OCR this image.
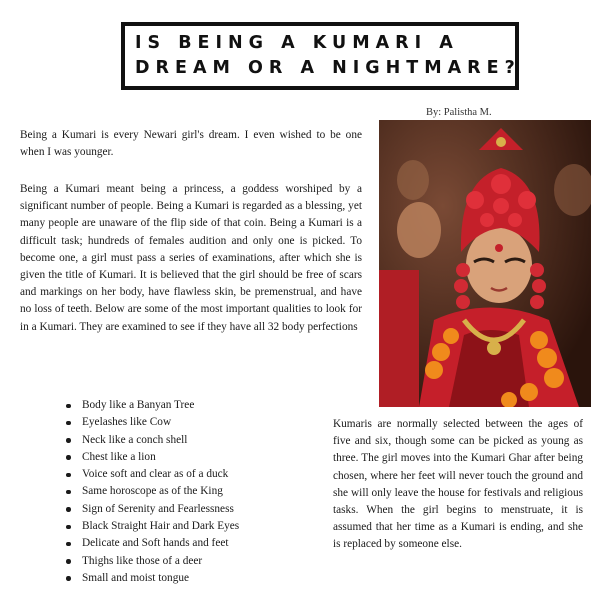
IS BEING A KUMARI A
DREAM OR A NIGHTMARE?
By: Palistha M.

Being a Kumari is every Newari girl's dream. I even wished to be one when I was younger.

Being a Kumari meant being a princess, a goddess worshiped by a significant number of people. Being a Kumari is regarded as a blessing, yet many people are unaware of the flip side of that coin. Being a Kumari is a difficult task; hundreds of females audition and only one is picked. To become one, a girl must pass a series of examinations, after which she is given the title of Kumari. It is believed that the girl should be free of scars and markings on her body, have flawless skin, be premenstrual, and have no loss of teeth. Below are some of the most important qualities to look for in a Kumari. They are examined to see if they have all 32 body perfections

Body like a Banyan Tree
Eyelashes like Cow
Neck like a conch shell
Chest like a lion
Voice soft and clear as of a duck
Same horoscope as of the King
Sign of Serenity and Fearlessness
Black Straight Hair and Dark Eyes
Delicate and Soft hands and feet
Thighs like those of a deer
Small and moist tongue

Kumaris are normally selected between the ages of five and six, though some can be picked as young as three. The girl moves into the Kumari Ghar after being chosen, where her feet will never touch the ground and she will only leave the house for festivals and religious tasks. When the girl begins to menstruate, it is assumed that her time as a Kumari is ending, and she is replaced by someone else.
